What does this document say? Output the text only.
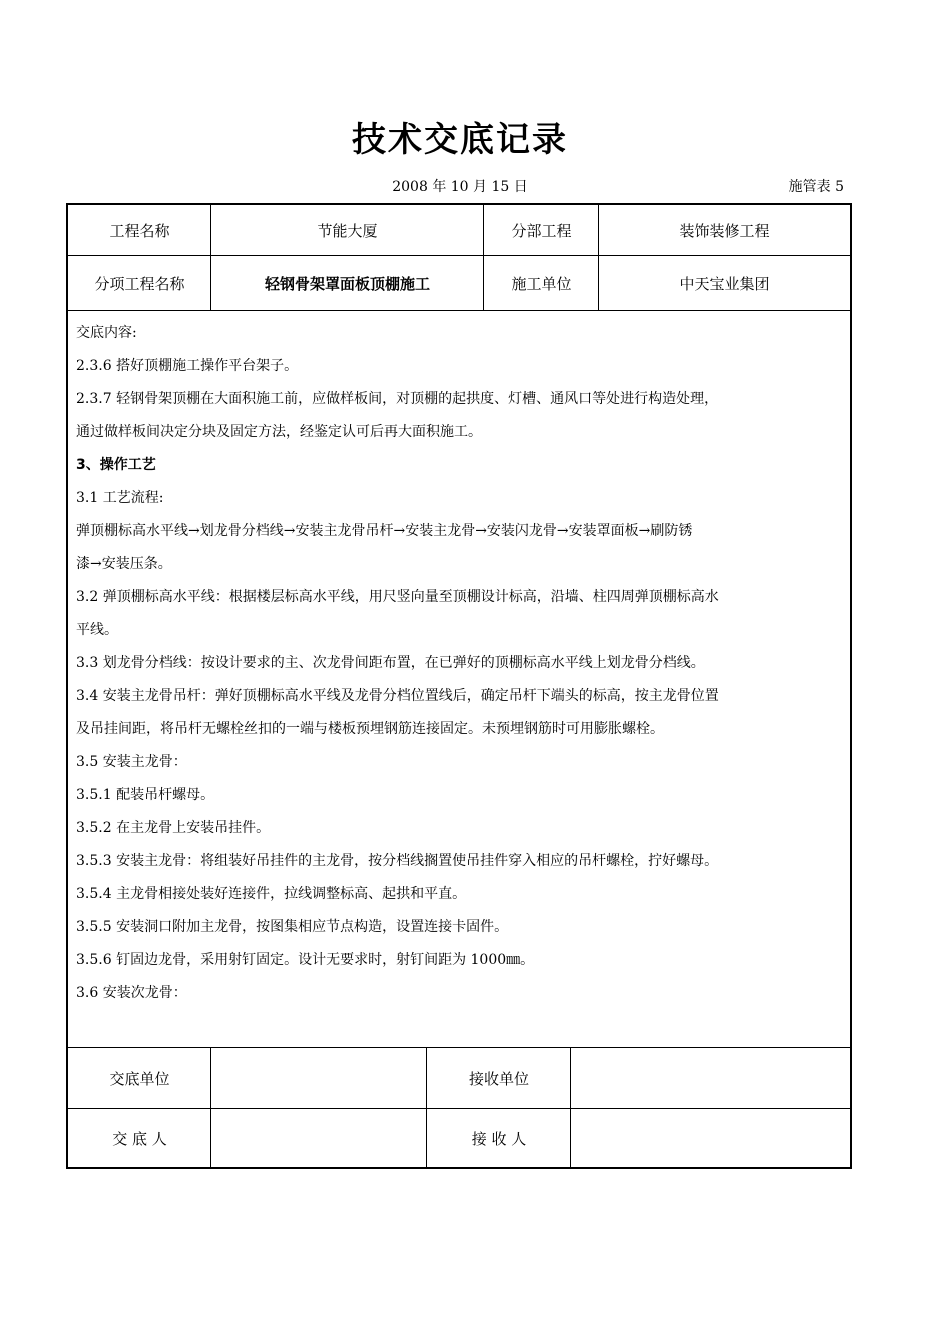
技术交底记录
2008 年 10 月 15 日	施管表 5
工程名称	节能大厦	分部工程	装饰装修工程
分项工程名称	轻钢骨架罩面板顶棚施工	施工单位	中天宝业集团
交底内容:
2.3.6 搭好顶棚施工操作平台架子。
2.3.7 轻钢骨架顶棚在大面积施工前，应做样板间，对顶棚的起拱度、灯槽、通风口等处进行构造处理，
通过做样板间决定分块及固定方法，经鉴定认可后再大面积施工。
3、操作工艺
3.1 工艺流程:
弹顶棚标高水平线→划龙骨分档线→安装主龙骨吊杆→安装主龙骨→安装闪龙骨→安装罩面板→刷防锈
漆→安装压条。
3.2 弹顶棚标高水平线：根据楼层标高水平线，用尺竖向量至顶棚设计标高，沿墙、柱四周弹顶棚标高水
平线。
3.3 划龙骨分档线：按设计要求的主、次龙骨间距布置，在已弹好的顶棚标高水平线上划龙骨分档线。
3.4 安装主龙骨吊杆：弹好顶棚标高水平线及龙骨分档位置线后，确定吊杆下端头的标高，按主龙骨位置
及吊挂间距，将吊杆无螺栓丝扣的一端与楼板预埋钢筋连接固定。未预埋钢筋时可用膨胀螺栓。
3.5 安装主龙骨：
3.5.1 配装吊杆螺母。
3.5.2 在主龙骨上安装吊挂件。
3.5.3 安装主龙骨：将组装好吊挂件的主龙骨，按分档线搁置使吊挂件穿入相应的吊杆螺栓，拧好螺母。
3.5.4 主龙骨相接处装好连接件，拉线调整标高、起拱和平直。
3.5.5 安装洞口附加主龙骨，按图集相应节点构造，设置连接卡固件。
3.5.6 钉固边龙骨，采用射钉固定。设计无要求时，射钉间距为 1000㎜。
3.6 安装次龙骨：
交底单位	接收单位
交 底 人	接 收 人
